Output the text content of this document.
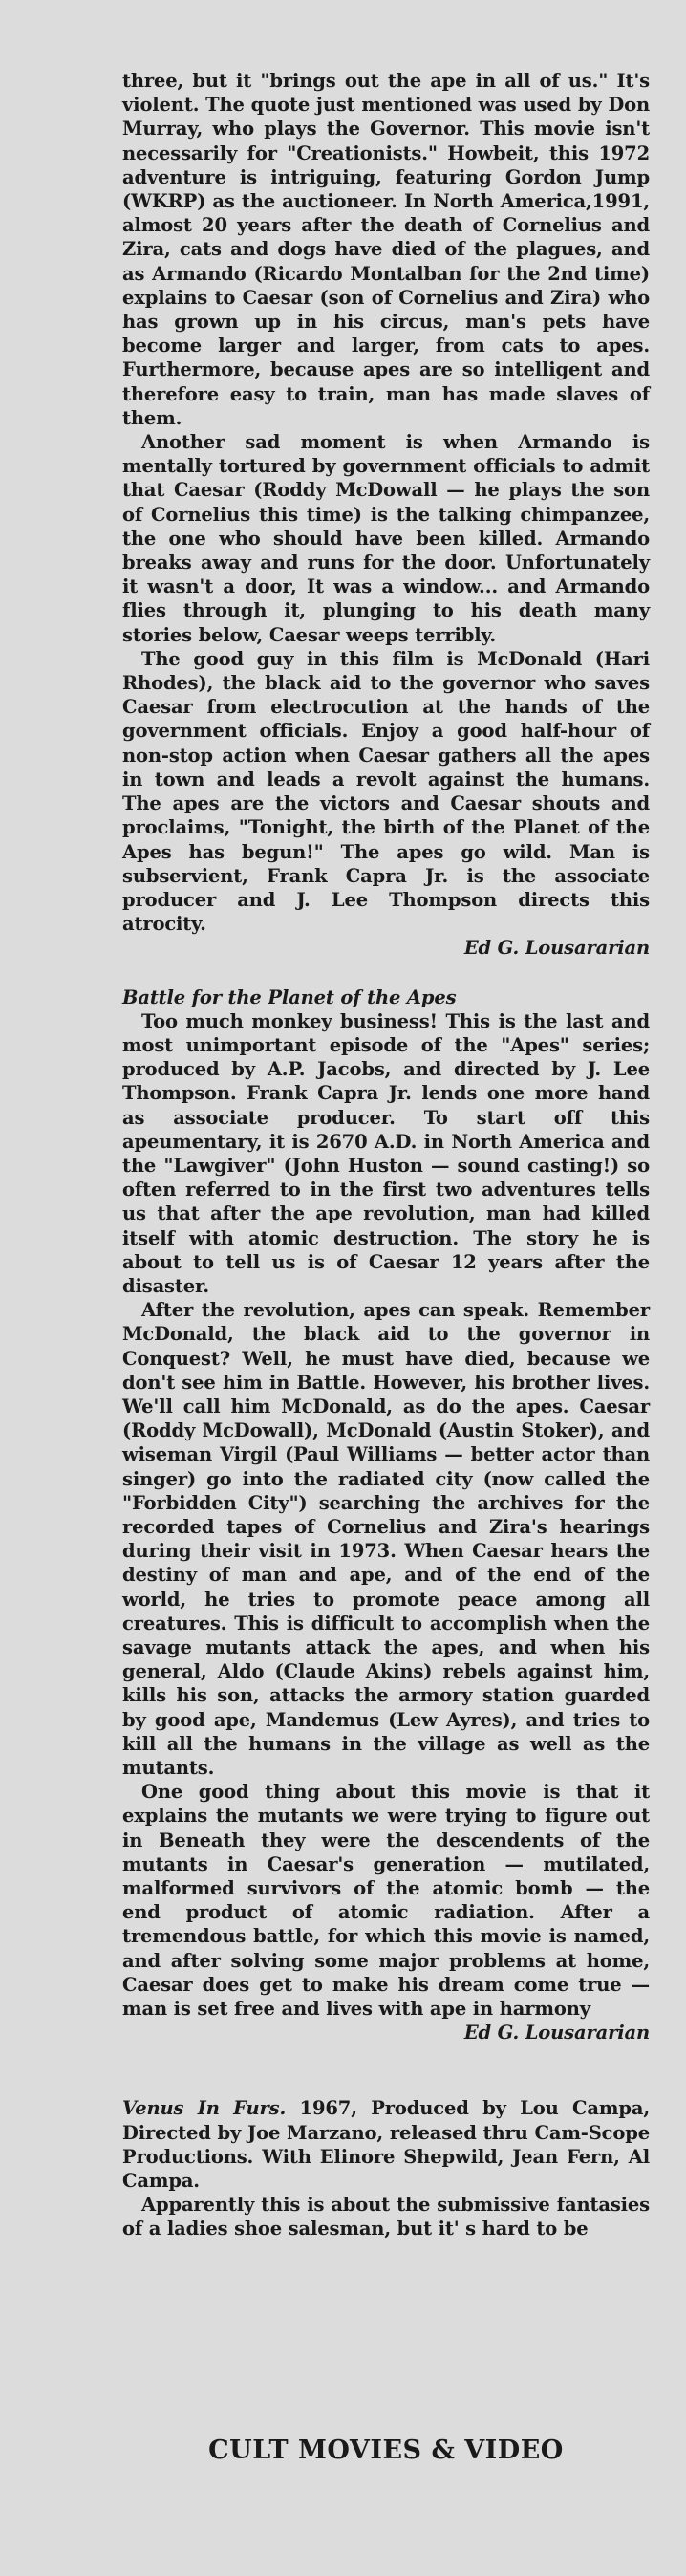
three, but it "brings out the ape in all of us." It's violent. The quote just mentioned was used by Don Murray, who plays the Governor. This movie isn't necessarily for "Creationists." Howbeit, this 1972 adventure is intriguing, featuring Gordon Jump (WKRP) as the auctioneer. In North America,1991, almost 20 years after the death of Cornelius and Zira, cats and dogs have died of the plagues, and as Armando (Ricardo Montalban for the 2nd time) explains to Caesar (son of Cornelius and Zira) who has grown up in his circus, man's pets have become larger and larger, from cats to apes. Furthermore, because apes are so intelligent and therefore easy to train, man has made slaves of them.

Another sad moment is when Armando is mentally tortured by government officials to admit that Caesar (Roddy McDowall — he plays the son of Cornelius this time) is the talking chimpanzee, the one who should have been killed. Armando breaks away and runs for the door. Unfortunately it wasn't a door, It was a window... and Armando flies through it, plunging to his death many stories below, Caesar weeps terribly.

The good guy in this film is McDonald (Hari Rhodes), the black aid to the governor who saves Caesar from electrocution at the hands of the government officials. Enjoy a good half-hour of non-stop action when Caesar gathers all the apes in town and leads a revolt against the humans. The apes are the victors and Caesar shouts and proclaims, "Tonight, the birth of the Planet of the Apes has begun!" The apes go wild. Man is subservient, Frank Capra Jr. is the associate producer and J. Lee Thompson directs this atrocity.

Ed G. Lousararian
Battle for the Planet of the Apes

Too much monkey business! This is the last and most unimportant episode of the "Apes" series; produced by A.P. Jacobs, and directed by J. Lee Thompson. Frank Capra Jr. lends one more hand as associate producer. To start off this apeumentary, it is 2670 A.D. in North America and the "Lawgiver" (John Huston — sound casting!) so often referred to in the first two adventures tells us that after the ape revolution, man had killed itself with atomic destruction. The story he is about to tell us is of Caesar 12 years after the disaster.

After the revolution, apes can speak. Remember McDonald, the black aid to the governor in Conquest? Well, he must have died, because we don't see him in Battle. However, his brother lives. We'll call him McDonald, as do the apes. Caesar (Roddy McDowall), McDonald (Austin Stoker), and wiseman Virgil (Paul Williams — better actor than singer) go into the radiated city (now called the "Forbidden City") searching the archives for the recorded tapes of Cornelius and Zira's hearings during their visit in 1973. When Caesar hears the destiny of man and ape, and of the end of the world, he tries to promote peace among all creatures. This is difficult to accomplish when the savage mutants attack the apes, and when his general, Aldo (Claude Akins) rebels against him, kills his son, attacks the armory station guarded by good ape, Mandemus (Lew Ayres), and tries to kill all the humans in the village as well as the mutants.

One good thing about this movie is that it explains the mutants we were trying to figure out in Beneath they were the descendents of the mutants in Caesar's generation — mutilated, malformed survivors of the atomic bomb — the end product of atomic radiation. After a tremendous battle, for which this movie is named, and after solving some major problems at home, Caesar does get to make his dream come true — man is set free and lives with ape in harmony

Ed G. Lousararian

Venus In Furs. 1967, Produced by Lou Campa, Directed by Joe Marzano, released thru Cam-Scope Productions. With Elinore Shepwild, Jean Fern, Al Campa.

Apparently this is about the submissive fantasies of a ladies shoe salesman, but it' s hard to be

CULT MOVIES & VIDEO
